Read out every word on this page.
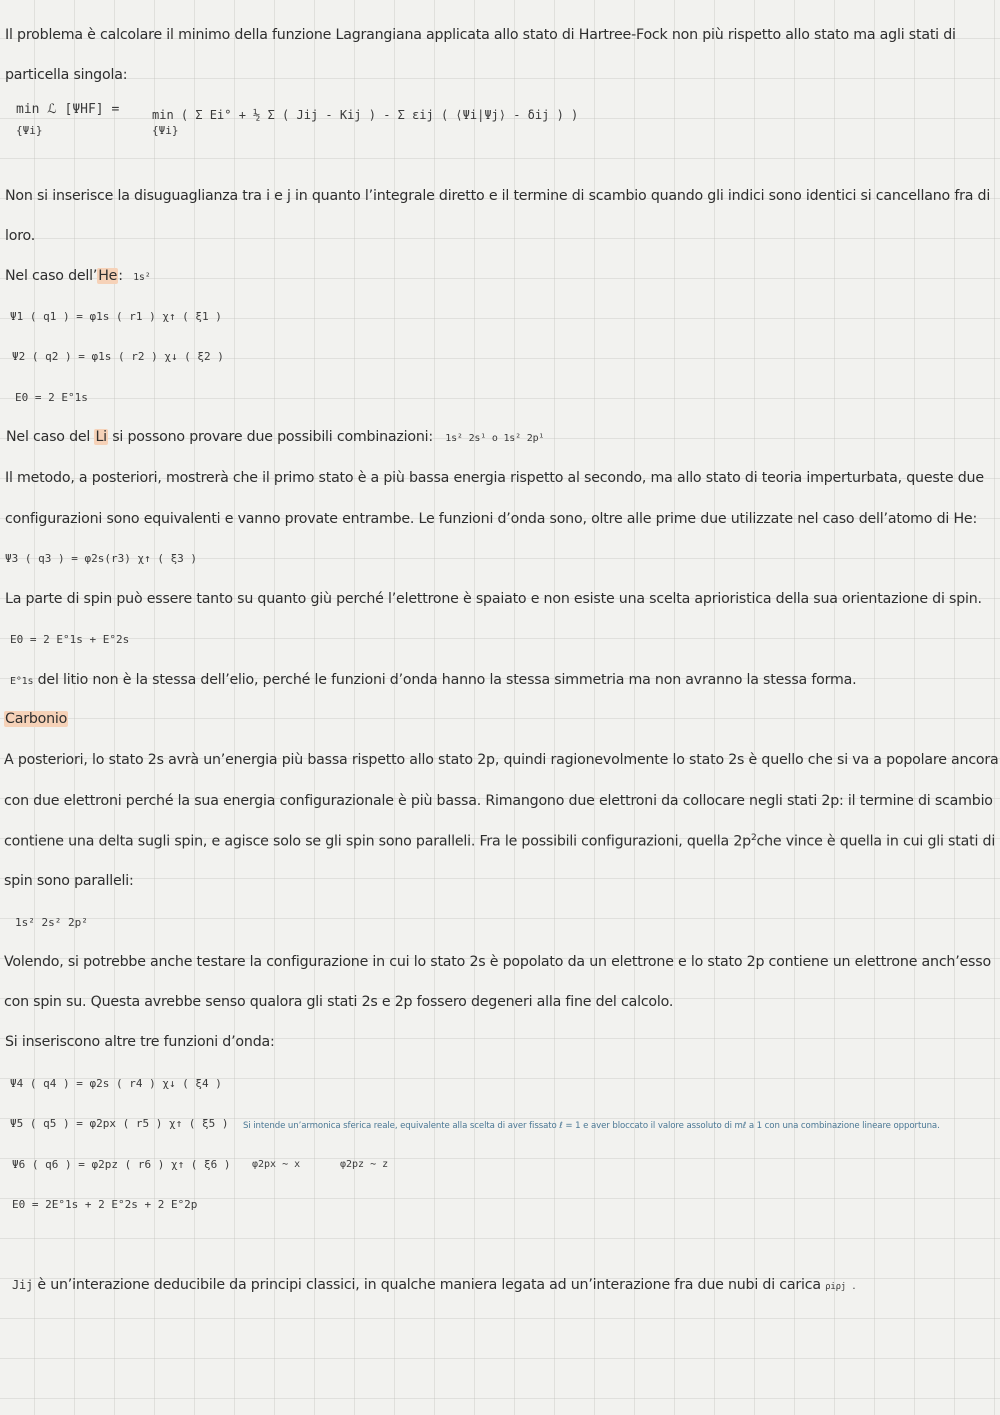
Il problema è calcolare il minimo della funzione Lagrangiana applicata allo stato di Hartree-Fock non più rispetto allo stato ma agli stati di
particella singola:
min ℒ [ΨHF] =
{Ψi}
min ( Σ Ei° + ½ Σ ( Jij - Kij ) - Σ εij ( ⟨Ψi|Ψj⟩ - δij ) )
{Ψi}
Non si inserisce la disuguaglianza tra i e j in quanto l’integrale diretto e il termine di scambio quando gli indici sono identici si cancellano fra di
loro.
Nel caso dell’He: 1s²
Ψ1 ( q1 ) = φ1s ( r1 ) χ↑ ( ξ1 )
Ψ2 ( q2 ) = φ1s ( r2 ) χ↓ ( ξ2 )
E0 = 2 E°1s
Nel caso del Li si possono provare due possibili combinazioni: 1s² 2s¹ o 1s² 2p¹
Il metodo, a posteriori, mostrerà che il primo stato è a più bassa energia rispetto al secondo, ma allo stato di teoria imperturbata, queste due
configurazioni sono equivalenti e vanno provate entrambe. Le funzioni d’onda sono, oltre alle prime due utilizzate nel caso dell’atomo di He:
Ψ3 ( q3 ) = φ2s(r3) χ↑ ( ξ3 )
La parte di spin può essere tanto su quanto giù perché l’elettrone è spaiato e non esiste una scelta aprioristica della sua orientazione di spin.
E0 = 2 E°1s + E°2s
E°1s del litio non è la stessa dell’elio, perché le funzioni d’onda hanno la stessa simmetria ma non avranno la stessa forma.
Carbonio
A posteriori, lo stato 2s avrà un’energia più bassa rispetto allo stato 2p, quindi ragionevolmente lo stato 2s è quello che si va a popolare ancora
con due elettroni perché la sua energia configurazionale è più bassa. Rimangono due elettroni da collocare negli stati 2p: il termine di scambio
contiene una delta sugli spin, e agisce solo se gli spin sono paralleli. Fra le possibili configurazioni, quella $2p^2che$ vince è quella in cui gli stati di
spin sono paralleli:
1s² 2s² 2p²
Volendo, si potrebbe anche testare la configurazione in cui lo stato 2s è popolato da un elettrone e lo stato 2p contiene un elettrone anch’esso
con spin su. Questa avrebbe senso qualora gli stati 2s e 2p fossero degeneri alla fine del calcolo.
Si inseriscono altre tre funzioni d’onda:
Ψ4 ( q4 ) = φ2s ( r4 ) χ↓ ( ξ4 )
Ψ5 ( q5 ) = φ2px ( r5 ) χ↑ ( ξ5 ) Si intende un’armonica sferica reale, equivalente alla scelta di aver fissato ℓ = 1 e aver bloccato il valore assoluto di mℓ a 1 con una combinazione lineare opportuna.
Ψ6 ( q6 ) = φ2pz ( r6 ) χ↑ ( ξ6 ) φ2px ∼ x	φ2pz ∼ z
E0 = 2E°1s + 2 E°2s + 2 E°2p
Jij è un’interazione deducibile da principi classici, in qualche maniera legata ad un’interazione fra due nubi di carica ρiρj .
